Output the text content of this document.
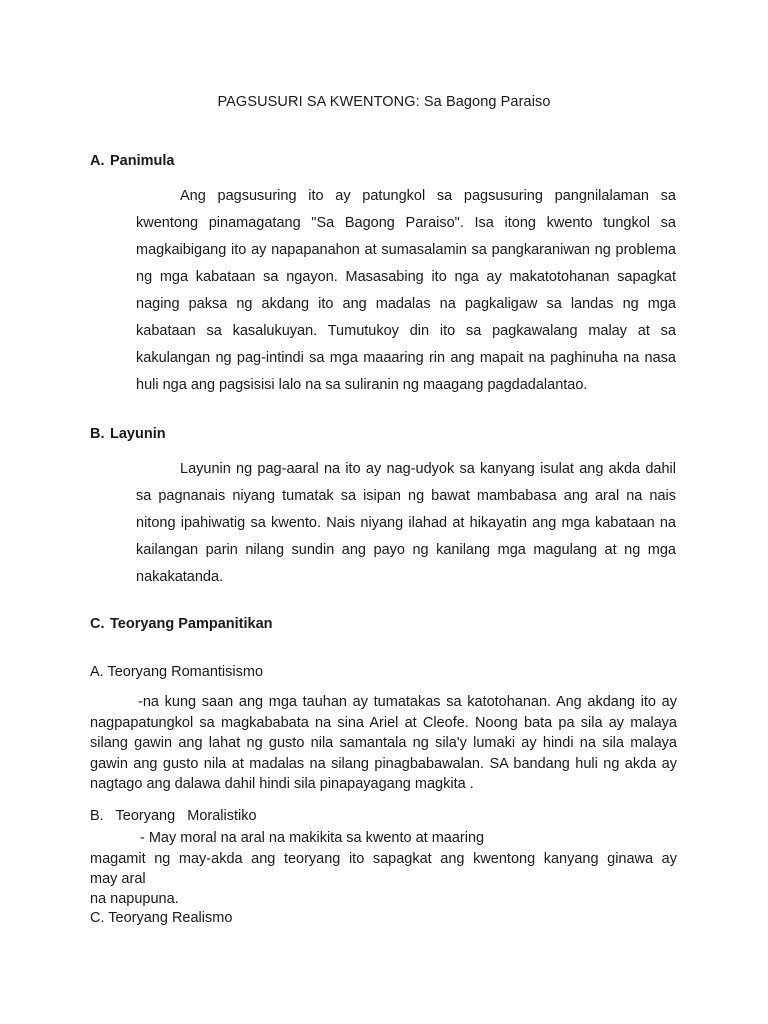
PAGSUSURI SA KWENTONG: Sa Bagong Paraiso
A. Panimula

Ang pagsusuring ito ay patungkol sa pagsusuring pangnilalaman sa kwentong pinamagatang "Sa Bagong Paraiso". Isa itong kwento tungkol sa magkaibigang ito ay napapanahon at sumasalamin sa pangkaraniwan ng problema ng mga kabataan sa ngayon. Masasabing ito nga ay makatotohanan sapagkat naging paksa ng akdang ito ang madalas na pagkaligaw sa landas ng mga kabataan sa kasalukuyan. Tumutukoy din ito sa pagkawalang malay at sa kakulangan ng pag-intindi sa mga maaaring rin ang mapait na paghinuha na nasa huli nga ang pagsisisi lalo na sa suliranin ng maagang pagdadalantao.

B. Layunin

Layunin ng pag-aaral na ito ay nag-udyok sa kanyang isulat ang akda dahil sa pagnanais niyang tumatak sa isipan ng bawat mambabasa ang aral na nais nitong ipahiwatig sa kwento. Nais niyang ilahad at hikayatin ang mga kabataan na kailangan parin nilang sundin ang payo ng kanilang mga magulang at ng mga nakakatanda.

C. Teoryang Pampanitikan
A. Teoryang Romantisismo

-na kung saan ang mga tauhan ay tumatakas sa katotohanan. Ang akdang ito ay nagpapatungkol sa magkababata na sina Ariel at Cleofe. Noong bata pa sila ay malaya silang gawin ang lahat ng gusto nila samantala ng sila'y lumaki ay hindi na sila malaya gawin ang gusto nila at madalas na silang pinagbabawalan. SA bandang huli ng akda ay nagtago ang dalawa dahil hindi sila pinapayagang magkita .

B.   Teoryang   Moralistiko
- May moral na aral na makikita sa kwento at maaring
magamit ng may-akda ang teoryang ito sapagkat ang kwentong kanyang ginawa ay
may aral
na napupuna.
C. Teoryang Realismo
